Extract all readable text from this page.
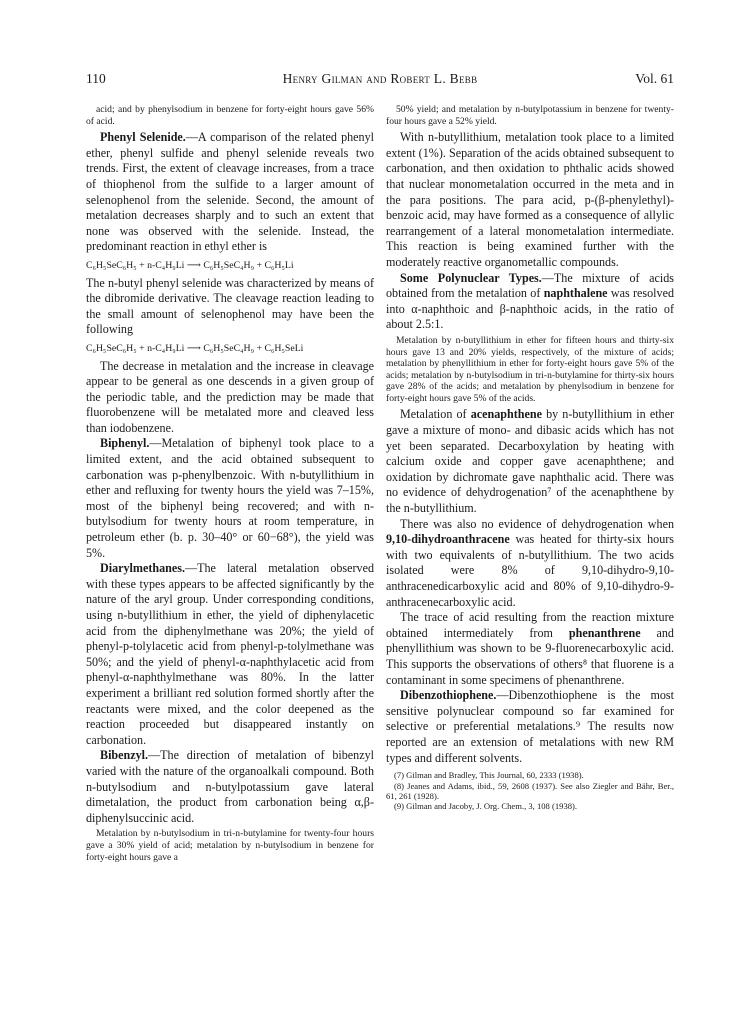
110	Henry Gilman and Robert L. Bebb	Vol. 61

acid; and by phenylsodium in benzene for forty-eight hours gave 56% of acid.

Phenyl Selenide.—A comparison of the related phenyl ether, phenyl sulfide and phenyl selenide reveals two trends. First, the extent of cleavage increases, from a trace of thiophenol from the sulfide to a larger amount of selenophenol from the selenide. Second, the amount of metalation decreases sharply and to such an extent that none was observed with the selenide. Instead, the predominant reaction in ethyl ether is

C₆H₅SeC₆H₅ + n-C₄H₉Li ⟶ C₆H₅SeC₄H₉ + C₆H₅Li

The n-butyl phenyl selenide was characterized by means of the dibromide derivative. The cleavage reaction leading to the small amount of selenophenol may have been the following

C₆H₅SeC₆H₅ + n-C₄H₉Li ⟶ C₆H₅SeC₄H₉ + C₆H₅SeLi

The decrease in metalation and the increase in cleavage appear to be general as one descends in a given group of the periodic table, and the prediction may be made that fluorobenzene will be metalated more and cleaved less than iodobenzene.

Biphenyl.—Metalation of biphenyl took place to a limited extent, and the acid obtained subsequent to carbonation was p-phenylbenzoic. With n-butyllithium in ether and refluxing for twenty hours the yield was 7–15%, most of the biphenyl being recovered; and with n-butylsodium for twenty hours at room temperature, in petroleum ether (b. p. 30–40° or 60−68°), the yield was 5%.

Diarylmethanes.—The lateral metalation observed with these types appears to be affected significantly by the nature of the aryl group. Under corresponding conditions, using n-butyllithium in ether, the yield of diphenylacetic acid from the diphenylmethane was 20%; the yield of phenyl-p-tolylacetic acid from phenyl-p-tolylmethane was 50%; and the yield of phenyl-α-naphthylacetic acid from phenyl-α-naphthylmethane was 80%. In the latter experiment a brilliant red solution formed shortly after the reactants were mixed, and the color deepened as the reaction proceeded but disappeared instantly on carbonation.

Bibenzyl.—The direction of metalation of bibenzyl varied with the nature of the organoalkali compound. Both n-butylsodium and n-butylpotassium gave lateral dimetalation, the product from carbonation being α,β-diphenylsuccinic acid.

Metalation by n-butylsodium in tri-n-butylamine for twenty-four hours gave a 30% yield of acid; metalation by n-butylsodium in benzene for forty-eight hours gave a

50% yield; and metalation by n-butylpotassium in benzene for twenty-four hours gave a 52% yield.

With n-butyllithium, metalation took place to a limited extent (1%). Separation of the acids obtained subsequent to carbonation, and then oxidation to phthalic acids showed that nuclear monometalation occurred in the meta and in the para positions. The para acid, p-(β-phenylethyl)-benzoic acid, may have formed as a consequence of allylic rearrangement of a lateral monometalation intermediate. This reaction is being examined further with the moderately reactive organometallic compounds.

Some Polynuclear Types.—The mixture of acids obtained from the metalation of naphthalene was resolved into α-naphthoic and β-naphthoic acids, in the ratio of about 2.5:1.

Metalation by n-butyllithium in ether for fifteen hours and thirty-six hours gave 13 and 20% yields, respectively, of the mixture of acids; metalation by phenyllithium in ether for forty-eight hours gave 5% of the acids; metalation by n-butylsodium in tri-n-butylamine for thirty-six hours gave 28% of the acids; and metalation by phenylsodium in benzene for forty-eight hours gave 5% of the acids.

Metalation of acenaphthene by n-butyllithium in ether gave a mixture of mono- and dibasic acids which has not yet been separated. Decarboxylation by heating with calcium oxide and copper gave acenaphthene; and oxidation by dichromate gave naphthalic acid. There was no evidence of dehydrogenation⁷ of the acenaphthene by the n-butyllithium.

There was also no evidence of dehydrogenation when 9,10-dihydroanthracene was heated for thirty-six hours with two equivalents of n-butyllithium. The two acids isolated were 8% of 9,10-dihydro-9,10-anthracenedicarboxylic acid and 80% of 9,10-dihydro-9-anthracenecarboxylic acid.

The trace of acid resulting from the reaction mixture obtained intermediately from phenanthrene and phenyllithium was shown to be 9-fluorenecarboxylic acid. This supports the observations of others⁸ that fluorene is a contaminant in some specimens of phenanthrene.

Dibenzothiophene.—Dibenzothiophene is the most sensitive polynuclear compound so far examined for selective or preferential metalations.⁹ The results now reported are an extension of metalations with new RM types and different solvents.

(7) Gilman and Bradley, This Journal, 60, 2333 (1938).

(8) Jeanes and Adams, ibid., 59, 2608 (1937). See also Ziegler and Bähr, Ber., 61, 261 (1928).

(9) Gilman and Jacoby, J. Org. Chem., 3, 108 (1938).
